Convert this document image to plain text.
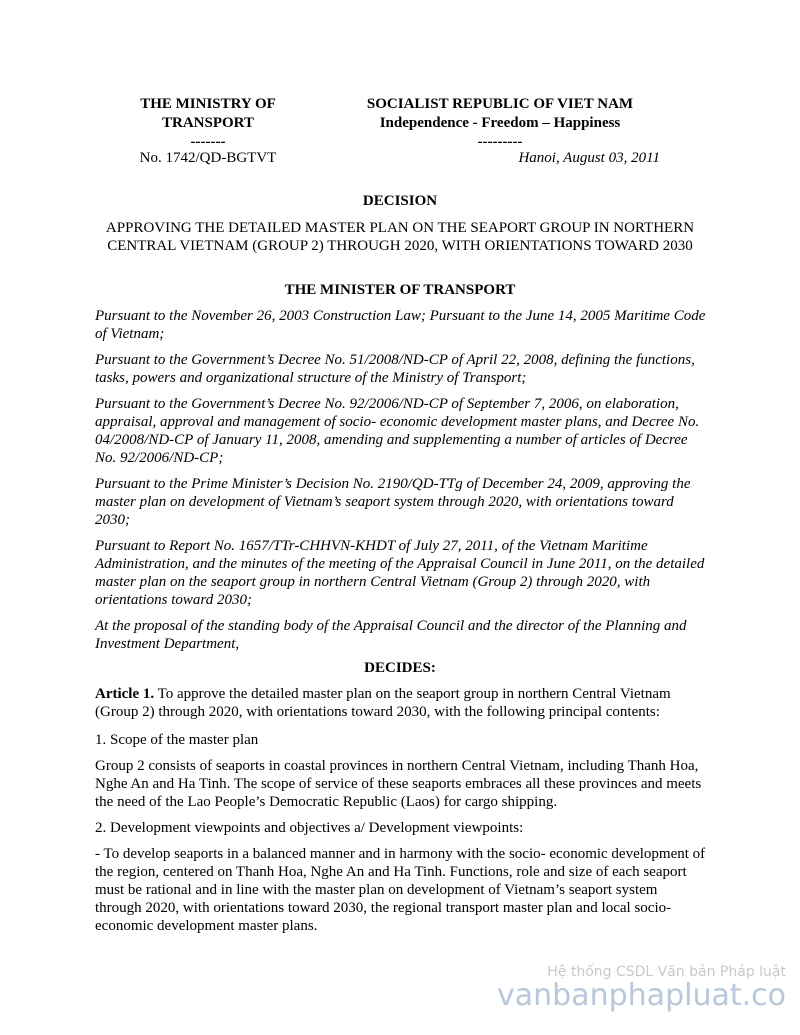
THE MINISTRY OF
TRANSPORT
-------
SOCIALIST REPUBLIC OF VIET NAM
Independence - Freedom – Happiness
---------
No. 1742/QD-BGTVT	Hanoi, August 03, 2011
DECISION
APPROVING THE DETAILED MASTER PLAN ON THE SEAPORT GROUP IN NORTHERN CENTRAL VIETNAM (GROUP 2) THROUGH 2020, WITH ORIENTATIONS TOWARD 2030
THE MINISTER OF TRANSPORT
Pursuant to the November 26, 2003 Construction Law; Pursuant to the June 14, 2005 Maritime Code of Vietnam;
Pursuant to the Government’s Decree No. 51/2008/ND-CP of April 22, 2008, defining the functions, tasks, powers and organizational structure of the Ministry of Transport;
Pursuant to the Government’s Decree No. 92/2006/ND-CP of September 7, 2006, on elaboration, appraisal, approval and management of socio- economic development master plans, and Decree No. 04/2008/ND-CP of January 11, 2008, amending and supplementing a number of articles of Decree No. 92/2006/ND-CP;
Pursuant to the Prime Minister’s Decision No. 2190/QD-TTg of December 24, 2009, approving the master plan on development of Vietnam’s seaport system through 2020, with orientations toward 2030;
Pursuant to Report No. 1657/TTr-CHHVN-KHDT of July 27, 2011, of the Vietnam Maritime Administration, and the minutes of the meeting of the Appraisal Council in June 2011, on the detailed master plan on the seaport group in northern Central Vietnam (Group 2) through 2020, with orientations toward 2030;
At the proposal of the standing body of the Appraisal Council and the director of the Planning and Investment Department,
DECIDES:
Article 1. To approve the detailed master plan on the seaport group in northern Central Vietnam (Group 2) through 2020, with orientations toward 2030, with the following principal contents:
1. Scope of the master plan
Group 2 consists of seaports in coastal provinces in northern Central Vietnam, including Thanh Hoa, Nghe An and Ha Tinh. The scope of service of these seaports embraces all these provinces and meets the need of the Lao People’s Democratic Republic (Laos) for cargo shipping.
2. Development viewpoints and objectives a/ Development viewpoints:
- To develop seaports in a balanced manner and in harmony with the socio- economic development of the region, centered on Thanh Hoa, Nghe An and Ha Tinh. Functions, role and size of each seaport must be rational and in line with the master plan on development of Vietnam’s seaport system through 2020, with orientations toward 2030, the regional transport master plan and local socio-economic development master plans.
Hệ thống CSDL Văn bản Pháp luật
vanbanphapluat.co
